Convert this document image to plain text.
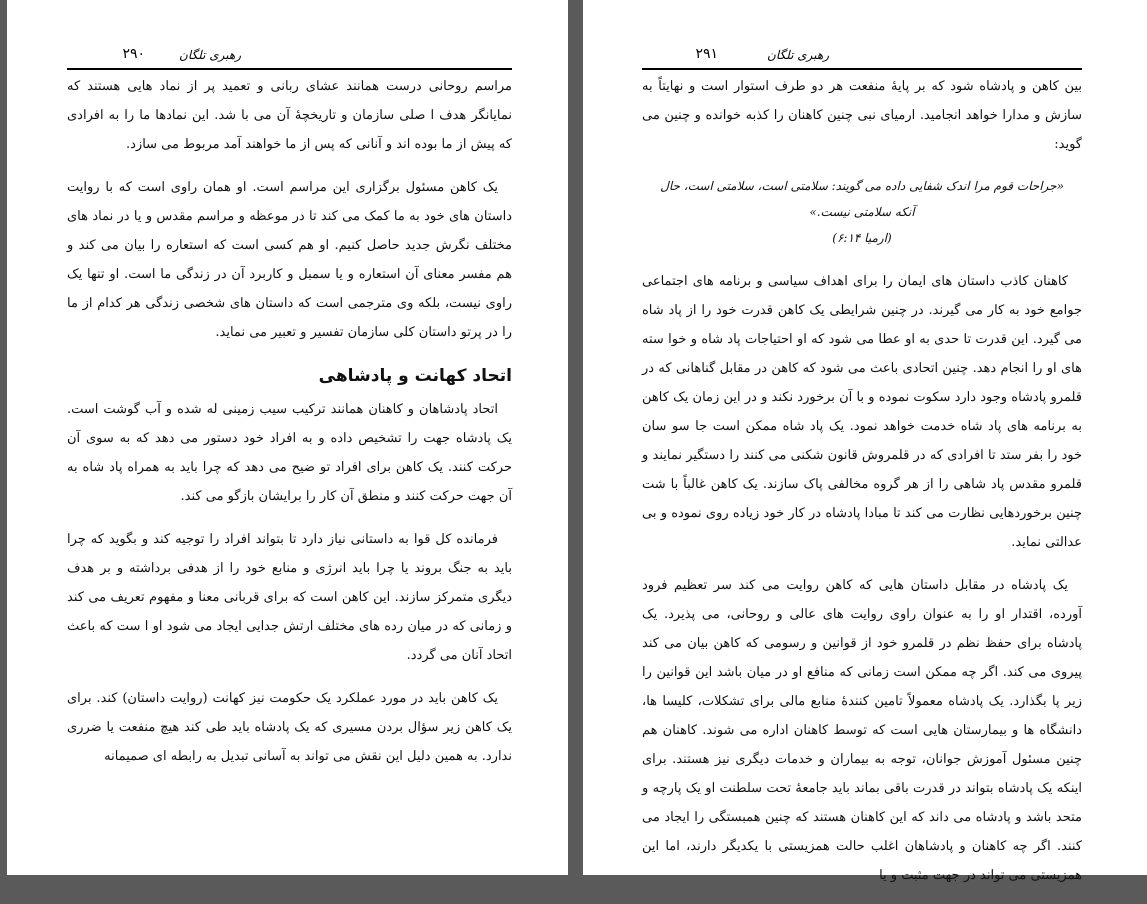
رهبری تلگان
۲۹۰

مراسم روحانی درست همانند عشای ربانی و تعمید پر از نماد هایی هستند که نمایانگر هدف ا صلی سازمان و تاریخچهٔ آن می با شد. این نمادها ما را به افرادی که پیش از ما بوده اند و آنانی که پس از ما خواهند آمد مربوط می سازد.

یک کاهن مسئول برگزاری این مراسم است. او همان راوی است که با روایت داستان های خود به ما کمک می کند تا در موعظه و مراسم مقدس و یا در نماد های مختلف نگرش جدید حاصل کنیم. او هم کسی است که استعاره را بیان می کند و هم مفسر معنای آن استعاره و یا سمبل و کاربرد آن در زندگی ما است. او تنها یک راوی نیست، بلکه وی مترجمی است که داستان های شخصی زندگی هر کدام از ما را در پرتو داستان کلی سازمان تفسیر و تعبیر می نماید.

اتحاد کهانت و پادشاهی

اتحاد پادشاهان و کاهنان همانند ترکیب سیب زمینی له شده و آب گوشت است. یک پادشاه جهت را تشخیص داده و به افراد خود دستور می دهد که به سوی آن حرکت کنند. یک کاهن برای افراد تو ضیح می دهد که چرا باید به همراه پاد شاه به آن جهت حرکت کنند و منطق آن کار را برایشان بازگو می کند.

فرمانده کل قوا به داستانی نیاز دارد تا بتواند افراد را توجیه کند و بگوید که چرا باید به جنگ بروند یا چرا باید انرژی و منابع خود را از هدفی برداشته و بر هدف دیگری متمرکز سازند. این کاهن است که برای قربانی معنا و مفهوم تعریف می کند و زمانی که در میان رده های مختلف ارتش جدایی ایجاد می شود او ا ست که باعث اتحاد آنان می گردد.

یک کاهن باید در مورد عملکرد یک حکومت نیز کهانت (روایت داستان) کند. برای یک کاهن زیر سؤال بردن مسیری که یک پادشاه باید طی کند هیچ منفعت یا ضرری ندارد. به همین دلیل این نقش می تواند به آسانی تبدیل به رابطه ای صمیمانه

رهبری تلگان
۲۹۱

بین کاهن و پادشاه شود که بر پایهٔ منفعت هر دو طرف استوار است و نهایتاً به سازش و مدارا خواهد انجامید. ارمیای نبی چنین کاهنان را کذبه خوانده و چنین می گوید:

«جراحات قوم مرا اندک شفایی داده می گویند: سلامتی است، سلامتی است، حال
آنکه سلامتی نیست.»
(ارمیا ۶:۱۴)

کاهنان کاذب داستان های ایمان را برای اهداف سیاسی و برنامه های اجتماعی جوامع خود به کار می گیرند. در چنین شرایطی یک کاهن قدرت خود را از پاد شاه می گیرد. این قدرت تا حدی به او عطا می شود که او احتیاجات پاد شاه و خوا سته های او را انجام دهد. چنین اتحادی باعث می شود که کاهن در مقابل گناهانی که در قلمرو پادشاه وجود دارد سکوت نموده و با آن برخورد نکند و در این زمان یک کاهن به برنامه های پاد شاه خدمت خواهد نمود. یک پاد شاه ممکن است جا سو سان خود را بفر ستد تا افرادی که در قلمروش قانون شکنی می کنند را دستگیر نمایند و قلمرو مقدس پاد شاهی را از هر گروه مخالفی پاک سازند. یک کاهن غالباً با شت چنین برخوردهایی نظارت می کند تا مبادا پادشاه در کار خود زیاده روی نموده و بی عدالتی نماید.

یک پادشاه در مقابل داستان هایی که کاهن روایت می کند سر تعظیم فرود آورده، اقتدار او را به عنوان راوی روایت های عالی و روحانی، می پذیرد. یک پادشاه برای حفظ نظم در قلمرو خود از قوانین و رسومی که کاهن بیان می کند پیروی می کند. اگر چه ممکن است زمانی که منافع او در میان باشد این قوانین را زیر پا بگذارد. یک پادشاه معمولاً تامین کنندهٔ منابع مالی برای تشکلات، کلیسا ها، دانشگاه ها و بیمارستان هایی است که توسط کاهنان اداره می شوند. کاهنان هم چنین مسئول آموزش جوانان، توجه به بیماران و خدمات دیگری نیز هستند. برای اینکه یک پادشاه بتواند در قدرت باقی بماند باید جامعهٔ تحت سلطنت او یک پارچه و متحد باشد و پادشاه می داند که این کاهنان هستند که چنین همبستگی را ایجاد می کنند. اگر چه کاهنان و پادشاهان اغلب حالت همزیستی با یکدیگر دارند، اما این همزیستی می تواند در جهت مثبت و یا
